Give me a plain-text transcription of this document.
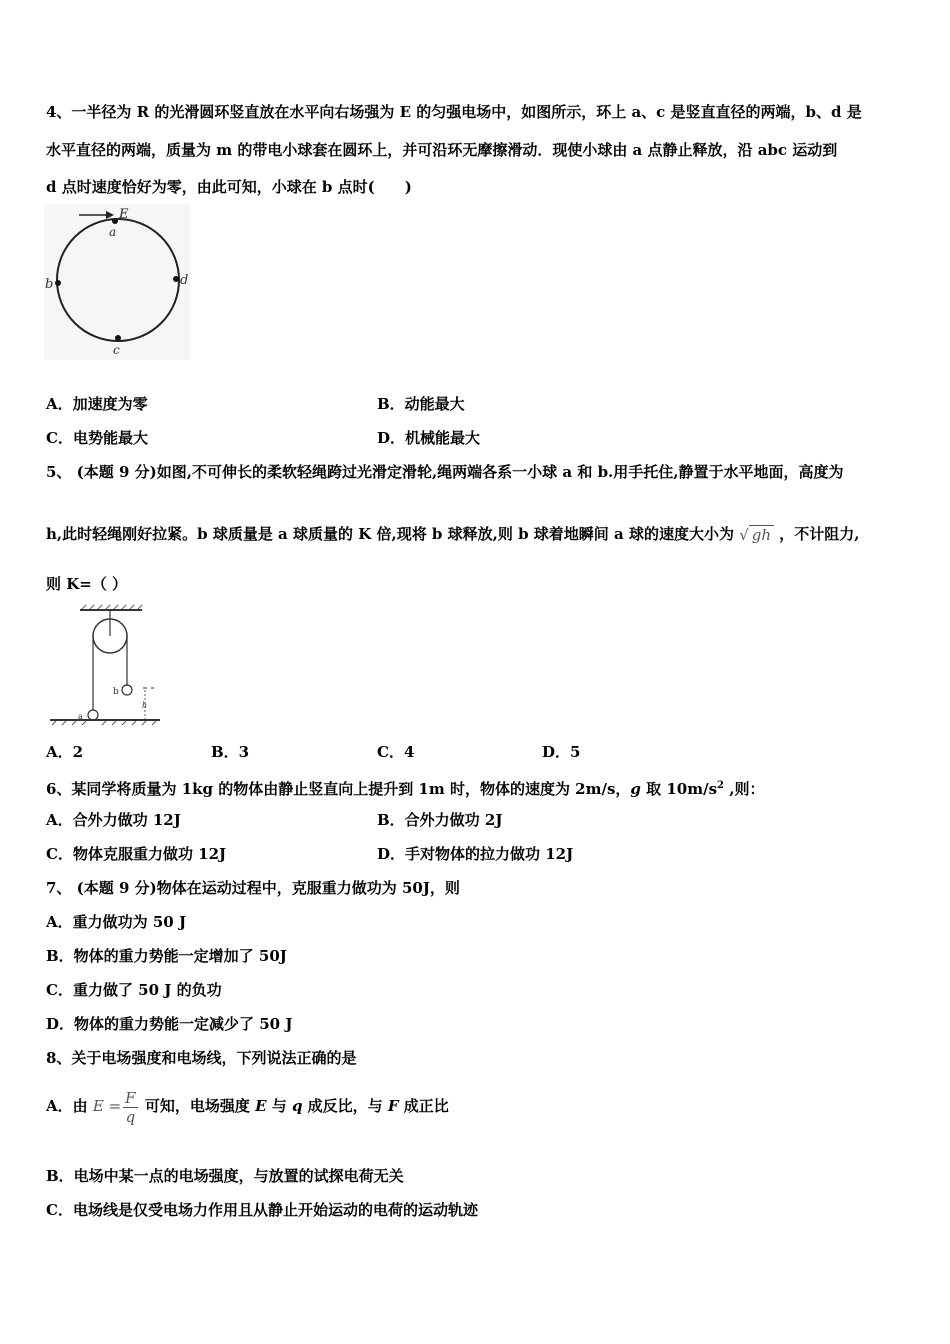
4、一半径为 R 的光滑圆环竖直放在水平向右场强为 E 的匀强电场中，如图所示，环上 a、c 是竖直直径的两端，b、d 是
水平直径的两端，质量为 m 的带电小球套在圆环上，并可沿环无摩擦滑动．现使小球由 a 点静止释放，沿 abc 运动到
d 点时速度恰好为零，由此可知，小球在 b 点时(　　)
E
a
b	d
c
A．加速度为零	B．动能最大
C．电势能最大	D．机械能最大
5、 (本题 9 分)如图,不可伸长的柔软轻绳跨过光滑定滑轮,绳两端各系一小球 a 和 b.用手托住,静置于水平地面，高度为
h,此时轻绳刚好拉紧。b 球质量是 a 球质量的 K 倍,现将 b 球释放,则 b 球着地瞬间 a 球的速度大小为 √ gh ，不计阻力,
则 K=（ ）
a
b
h
A．2	B．3	C．4	D．5
6、某同学将质量为 1kg 的物体由静止竖直向上提升到 1m 时，物体的速度为 2m/s，g 取 $10m/s^2$ ,则：
A．合外力做功 12J	B．合外力做功 2J
C．物体克服重力做功 12J	D．手对物体的拉力做功 12J
7、 (本题 9 分)物体在运动过程中，克服重力做功为 50J，则
A．重力做功为 50 J
B．物体的重力势能一定增加了 50J
C．重力做了 50 J 的负功
D．物体的重力势能一定减少了 50 J
8、关于电场强度和电场线，下列说法正确的是
A．由 $E = \frac{F}{q}$ 可知，电场强度 E 与 q 成反比，与 F 成正比
B．电场中某一点的电场强度，与放置的试探电荷无关
C．电场线是仅受电场力作用且从静止开始运动的电荷的运动轨迹
